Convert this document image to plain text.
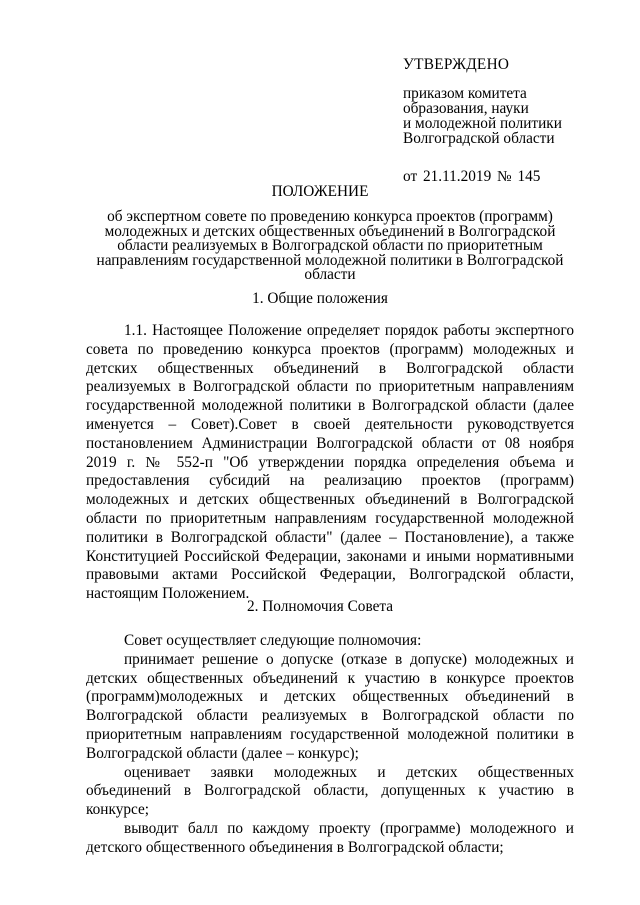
УТВЕРЖДЕНО
приказом комитета
образования, науки
и молодежной политики
Волгоградской области
от 21.11.2019 № 145
ПОЛОЖЕНИЕ
об экспертном совете по проведению конкурса проектов (программ) молодежных и детских общественных объединений в Волгоградской области реализуемых в Волгоградской области по приоритетным направлениям государственной молодежной политики в Волгоградской области
1. Общие положения

1.1. Настоящее Положение определяет порядок работы экспертного совета по проведению конкурса проектов (программ) молодежных и детских общественных объединений в Волгоградской области реализуемых в Волгоградской области по приоритетным направлениям государственной молодежной политики в Волгоградской области (далее именуется – Совет).Совет в своей деятельности руководствуется постановлением Администрации Волгоградской области от 08 ноября 2019 г. № 552-п "Об утверждении порядка определения объема и предоставления субсидий на реализацию проектов (программ) молодежных и детских общественных объединений в Волгоградской области по приоритетным направлениям государственной молодежной политики в Волгоградской области" (далее – Постановление), а также Конституцией Российской Федерации, законами и иными нормативными правовыми актами Российской Федерации, Волгоградской области, настоящим Положением.

2. Полномочия Совета

Совет осуществляет следующие полномочия:

принимает решение о допуске (отказе в допуске) молодежных и детских общественных объединений к участию в конкурсе проектов (программ)молодежных и детских общественных объединений в Волгоградской области реализуемых в Волгоградской области по приоритетным направлениям государственной молодежной политики в Волгоградской области (далее – конкурс);

оценивает заявки молодежных и детских общественных объединений в Волгоградской области, допущенных к участию в конкурсе;

выводит балл по каждому проекту (программе) молодежного и детского общественного объединения в Волгоградской области;
